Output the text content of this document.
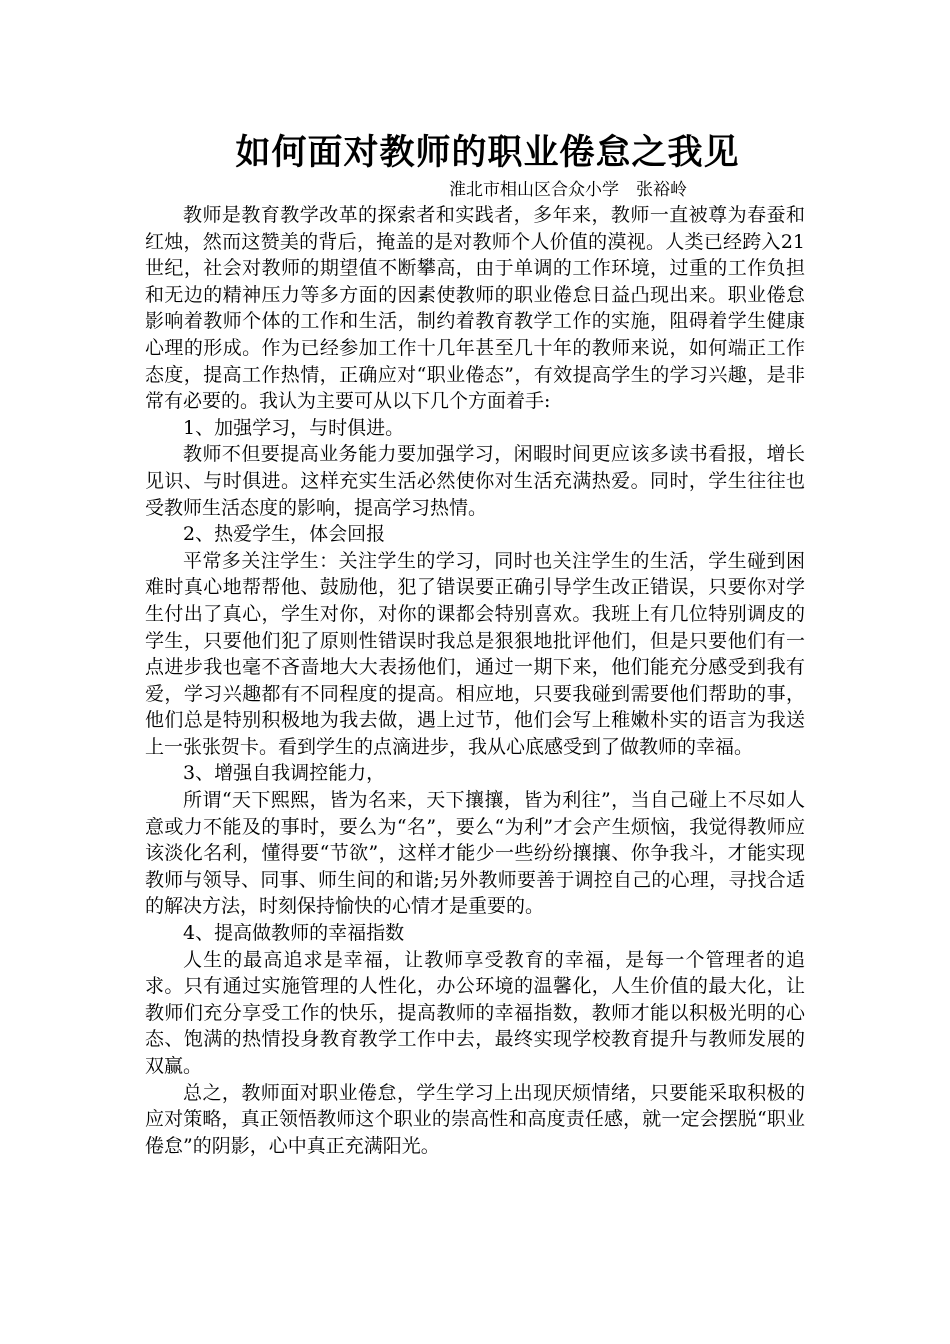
如何面对教师的职业倦怠之我见

淮北市相山区合众小学　张裕岭

教师是教育教学改革的探索者和实践者，多年来，教师一直被尊为春蚕和红烛，然而这赞美的背后，掩盖的是对教师个人价值的漠视。人类已经跨入21世纪，社会对教师的期望值不断攀高，由于单调的工作环境，过重的工作负担和无边的精神压力等多方面的因素使教师的职业倦怠日益凸现出来。职业倦怠影响着教师个体的工作和生活，制约着教育教学工作的实施，阻碍着学生健康心理的形成。作为已经参加工作十几年甚至几十年的教师来说，如何端正工作态度，提高工作热情，正确应对“职业倦态”，有效提高学生的学习兴趣，是非常有必要的。我认为主要可从以下几个方面着手:

1、加强学习，与时俱进。

教师不但要提高业务能力要加强学习，闲暇时间更应该多读书看报，增长见识、与时俱进。这样充实生活必然使你对生活充满热爱。同时，学生往往也受教师生活态度的影响，提高学习热情。

2、热爱学生，体会回报

平常多关注学生：关注学生的学习，同时也关注学生的生活，学生碰到困难时真心地帮帮他、鼓励他，犯了错误要正确引导学生改正错误，只要你对学生付出了真心，学生对你，对你的课都会特别喜欢。我班上有几位特别调皮的学生，只要他们犯了原则性错误时我总是狠狠地批评他们，但是只要他们有一点进步我也毫不吝啬地大大表扬他们，通过一期下来，他们能充分感受到我有爱，学习兴趣都有不同程度的提高。相应地，只要我碰到需要他们帮助的事，他们总是特别积极地为我去做，遇上过节，他们会写上稚嫩朴实的语言为我送上一张张贺卡。看到学生的点滴进步，我从心底感受到了做教师的幸福。

3、增强自我调控能力，

所谓“天下熙熙，皆为名来，天下攘攘，皆为利往”，当自己碰上不尽如人意或力不能及的事时，要么为“名”，要么“为利”才会产生烦恼，我觉得教师应该淡化名利，懂得要“节欲”，这样才能少一些纷纷攘攘、你争我斗，才能实现教师与领导、同事、师生间的和谐;另外教师要善于调控自己的心理，寻找合适的解决方法，时刻保持愉快的心情才是重要的。

4、提高做教师的幸福指数

人生的最高追求是幸福，让教师享受教育的幸福，是每一个管理者的追求。只有通过实施管理的人性化，办公环境的温馨化，人生价值的最大化，让教师们充分享受工作的快乐，提高教师的幸福指数，教师才能以积极光明的心态、饱满的热情投身教育教学工作中去，最终实现学校教育提升与教师发展的双赢。

总之，教师面对职业倦怠，学生学习上出现厌烦情绪，只要能采取积极的应对策略，真正领悟教师这个职业的崇高性和高度责任感，就一定会摆脱“职业倦怠”的阴影，心中真正充满阳光。
